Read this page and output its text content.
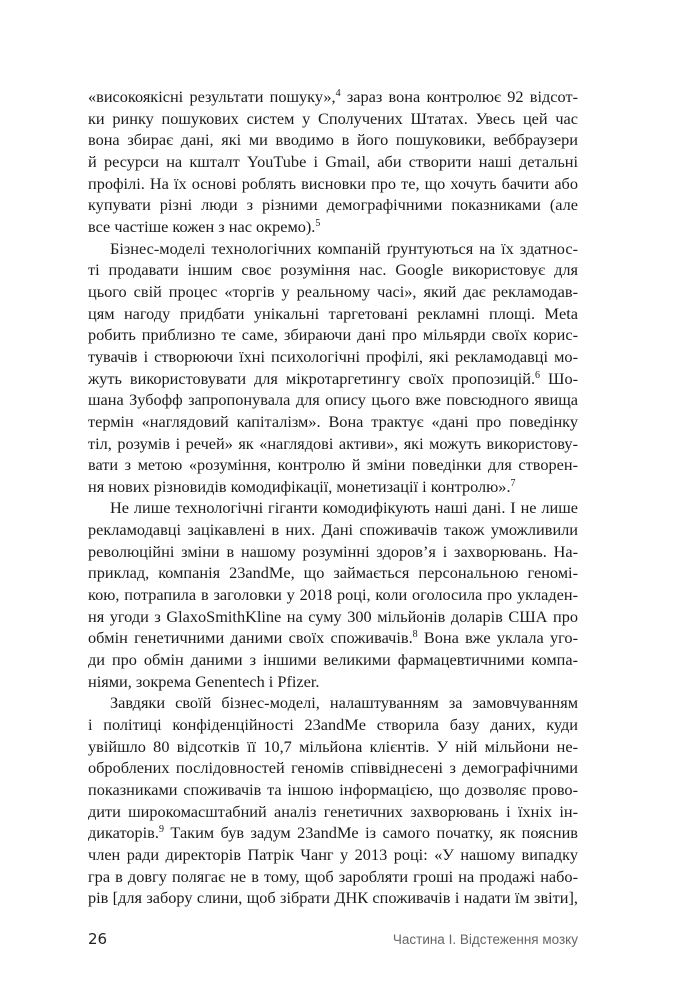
«високоякісні результати пошуку»,$^4$ зараз вона контролює 92 відсот-
ки ринку пошукових систем у Сполучених Штатах. Увесь цей час
вона збирає дані, які ми вводимо в його пошуковики, веббраузери
й ресурси на кшталт YouTube і Gmail, аби створити наші детальні
профілі. На їх основі роблять висновки про те, що хочуть бачити або
купувати різні люди з різними демографічними показниками (але
все частіше кожен з нас окремо).$^5$
Бізнес-моделі технологічних компаній ґрунтуються на їх здатнос-
ті продавати іншим своє розуміння нас. Google використовує для
цього свій процес «торгів у реальному часі», який дає рекламодав-
цям нагоду придбати унікальні таргетовані рекламні площі. Meta
робить приблизно те саме, збираючи дані про мільярди своїх корис-
тувачів і створюючи їхні психологічні профілі, які рекламодавці мо-
жуть використовувати для мікротаргетингу своїх пропозицій.$^6$ Шо-
шана Зубофф запропонувала для опису цього вже повсюдного явища
термін «наглядовий капіталізм». Вона трактує «дані про поведінку
тіл, розумів і речей» як «наглядові активи», які можуть використову-
вати з метою «розуміння, контролю й зміни поведінки для створен-
ня нових різновидів комодифікації, монетизації і контролю».$^7$
Не лише технологічні гіганти комодифікують наші дані. І не лише
рекламодавці зацікавлені в них. Дані споживачів також уможливили
революційні зміни в нашому розумінні здоров’я і захворювань. На-
приклад, компанія 23andMe, що займається персональною геномі-
кою, потрапила в заголовки у 2018 році, коли оголосила про укладен-
ня угоди з GlaxoSmithKline на суму 300 мільйонів доларів США про
обмін генетичними даними своїх споживачів.$^8$ Вона вже уклала уго-
ди про обмін даними з іншими великими фармацевтичними компа-
ніями, зокрема Genentech і Pfizer.
Завдяки своїй бізнес-моделі, налаштуванням за замовчуванням
і політиці конфіденційності 23andMe створила базу даних, куди
увійшло 80 відсотків її 10,7 мільйона клієнтів. У ній мільйони не-
оброблених послідовностей геномів співвіднесені з демографічними
показниками споживачів та іншою інформацією, що дозволяє прово-
дити широкомасштабний аналіз генетичних захворювань і їхніх ін-
дикаторів.$^9$ Таким був задум 23andMe із самого початку, як пояснив
член ради директорів Патрік Чанг у 2013 році: «У нашому випадку
гра в довгу полягає не в тому, щоб заробляти гроші на продажі набо-
рів [для забору слини, щоб зібрати ДНК споживачів і надати їм звіти],
26	Частина I. Відстеження мозку
